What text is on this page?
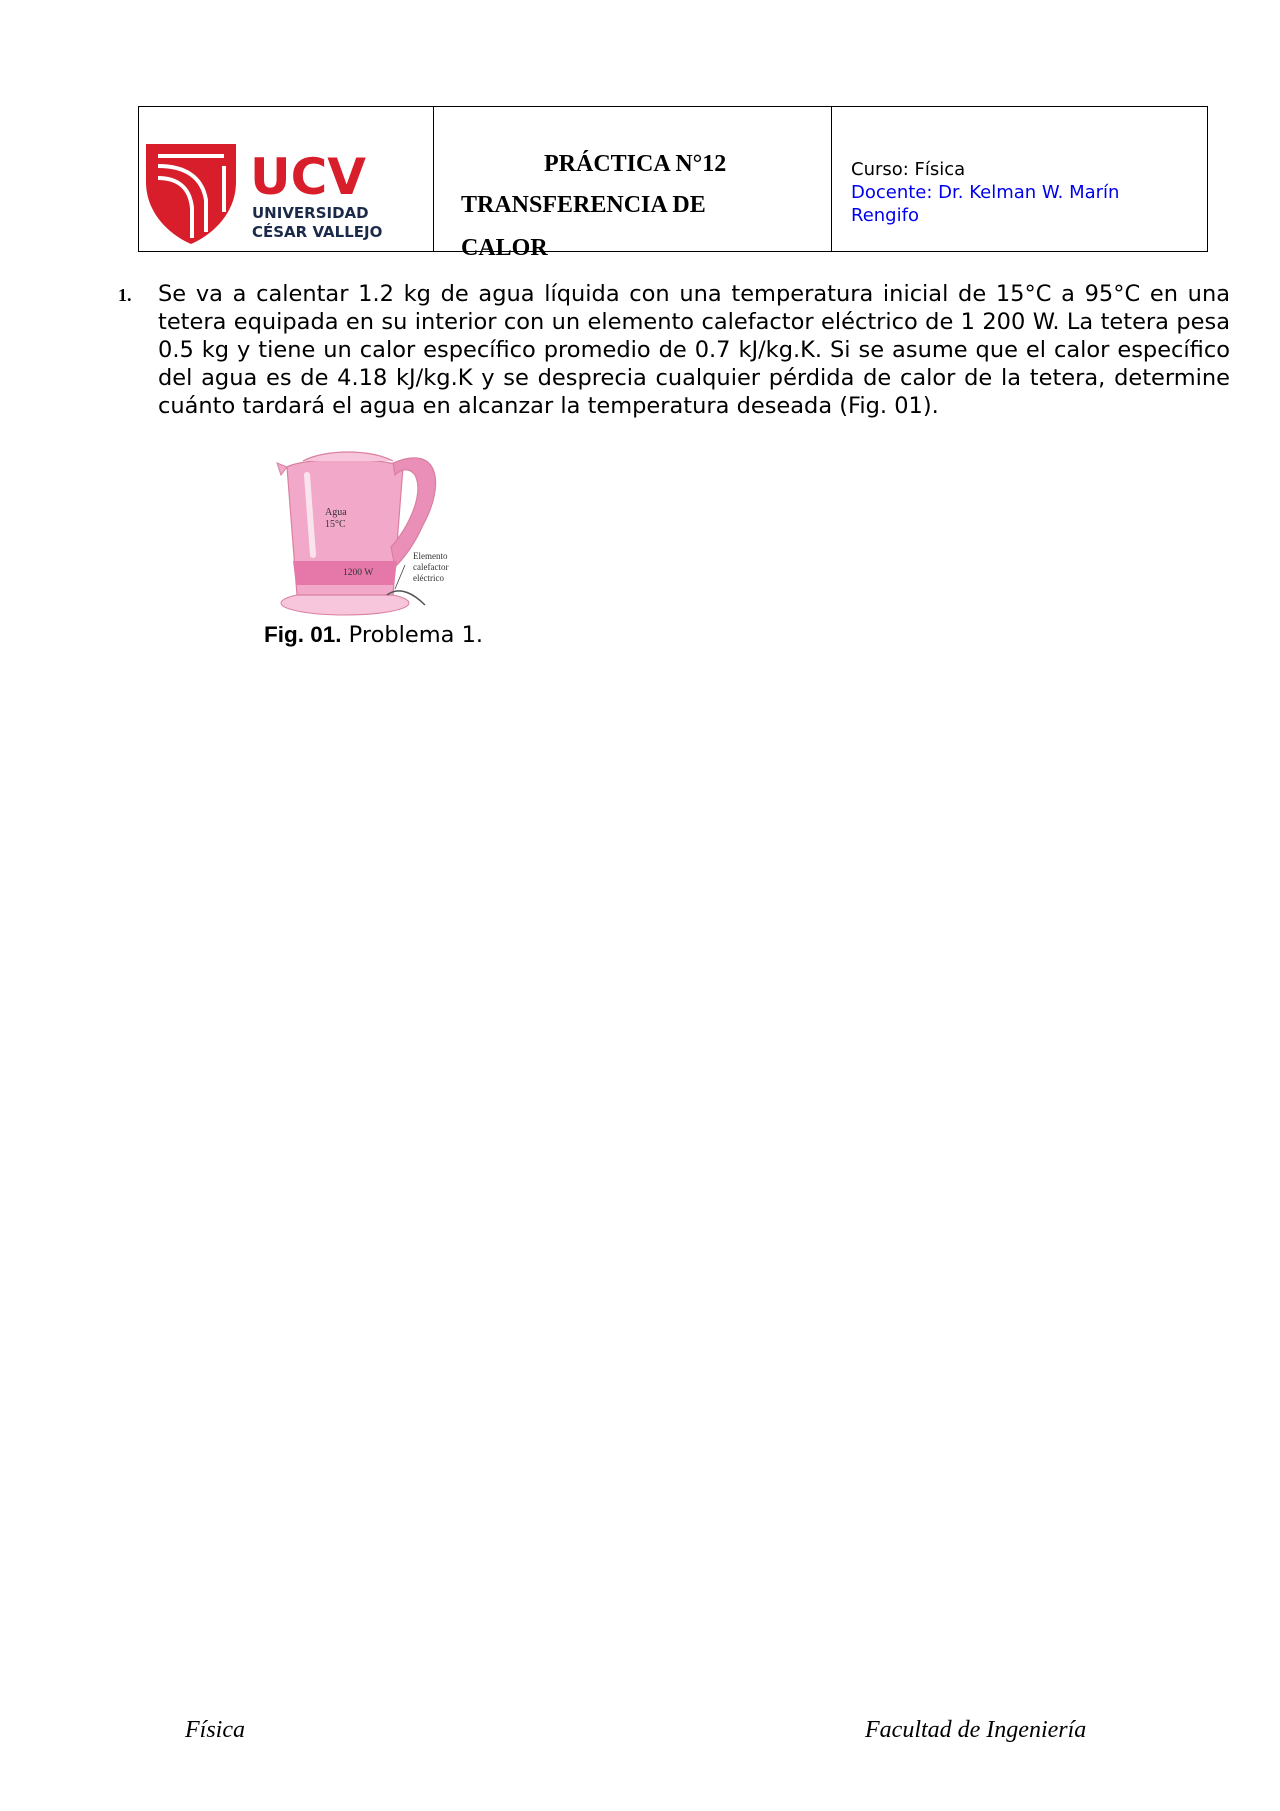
UCV
UNIVERSIDAD
CÉSAR VALLEJO
PRÁCTICA N°12
TRANSFERENCIA DE
CALOR
Curso: Física
Docente: Dr. Kelman W. Marín Rengifo
1. Se va a calentar 1.2 kg de agua líquida con una temperatura inicial de 15°C a 95°C en una tetera equipada en su interior con un elemento calefactor eléctrico de 1 200 W. La tetera pesa 0.5 kg y tiene un calor específico promedio de 0.7 kJ/kg.K. Si se asume que el calor específico del agua es de 4.18 kJ/kg.K y se desprecia cualquier pérdida de calor de la tetera, determine cuánto tardará el agua en alcanzar la temperatura deseada (Fig. 01).
Agua
15°C
1200 W
Elemento
calefactor
eléctrico
Fig. 01. Problema 1.
Física	Facultad de Ingeniería
